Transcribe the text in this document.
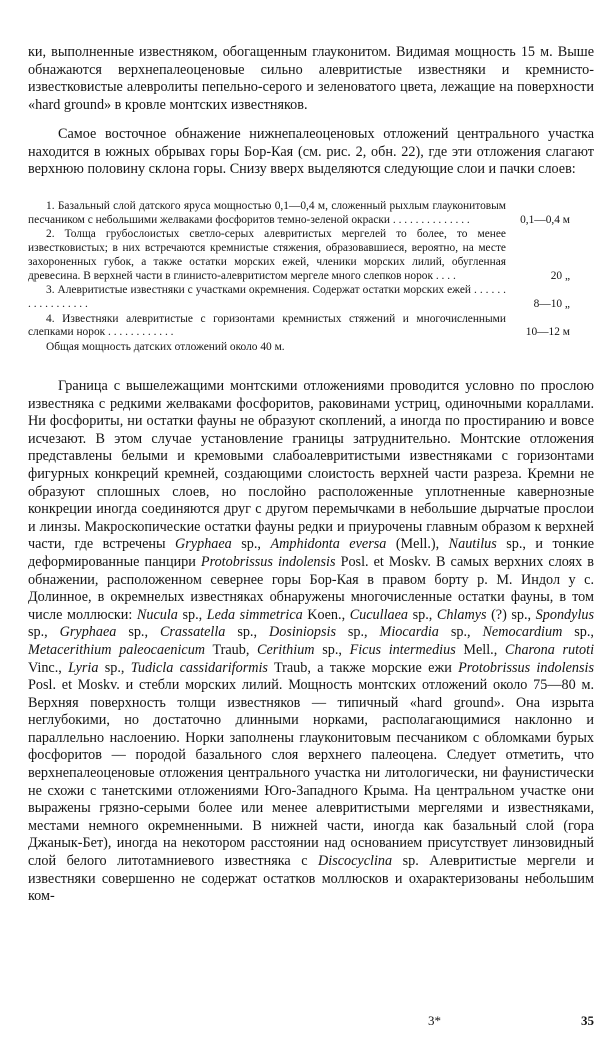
ки, выполненные известняком, обогащенным глауконитом. Видимая мощность 15 м. Выше обнажаются верхнепалеоценовые сильно алевритистые известняки и кремнисто-известковистые алевролиты пепельно-серого и зеленоватого цвета, лежащие на поверхности «hard ground» в кровле монтских известняков.

Самое восточное обнажение нижнепалеоценовых отложений центрального участка находится в южных обрывах горы Бор-Кая (см. рис. 2, обн. 22), где эти отложения слагают верхнюю половину склона горы. Снизу вверх выделяются следующие слои и пачки слоев:

1. Базальный слой датского яруса мощностью 0,1—0,4 м, сложенный рыхлым глауконитовым песчаником с небольшими желваками фосфоритов темно-зеленой окраски . . . . . . . . . . . . . .	0,1—0,4 м
2. Толща грубослоистых светло-серых алевритистых мергелей то более, то менее известковистых; в них встречаются кремнистые стяжения, образовавшиеся, вероятно, на месте захороненных губок, а также остатки морских ежей, членики морских лилий, обугленная древесина. В верхней части в глинисто-алевритистом мергеле много слепков норок . . . .	20 „
3. Алевритистые известняки с участками окремнения. Содержат остатки морских ежей . . . . . . . . . . . . . . . . .	8—10 „
4. Известняки алевритистые с горизонтами кремнистых стяжений и многочисленными слепками норок . . . . . . . . . . . .	10—12 м
Общая мощность датских отложений около 40 м.

Граница с вышележащими монтскими отложениями проводится условно по прослою известняка с редкими желваками фосфоритов, раковинами устриц, одиночными кораллами. Ни фосфориты, ни остатки фауны не образуют скоплений, а иногда по простиранию и вовсе исчезают. В этом случае установление границы затруднительно. Монтские отложения представлены белыми и кремовыми слабоалевритистыми известняками с горизонтами фигурных конкреций кремней, создающими слоистость верхней части разреза. Кремни не образуют сплошных слоев, но послойно расположенные уплотненные кавернозные конкреции иногда соединяются друг с другом перемычками в небольшие дырчатые прослои и линзы. Макроскопические остатки фауны редки и приурочены главным образом к верхней части, где встречены Gryphaea sp., Amphidonta eversa (Mell.), Nautilus sp., и тонкие деформированные панцири Protobrissus indolensis Posl. et Moskv. В самых верхних слоях в обнажении, расположенном севернее горы Бор-Кая в правом борту р. М. Индол у с. Долинное, в окремнелых известняках обнаружены многочисленные остатки фауны, в том числе моллюски: Nucula sp., Leda simmetrica Koen., Cucullaea sp., Chlamys (?) sp., Spondylus sp., Gryphaea sp., Crassatella sp., Dosiniopsis sp., Miocardia sp., Nemocardium sp., Metacerithium paleocaenicum Traub, Cerithium sp., Ficus intermedius Mell., Charona rutoti Vinc., Lyria sp., Tudicla cassidariformis Traub, а также морские ежи Protobrissus indolensis Posl. et Moskv. и стебли морских лилий. Мощность монтских отложений около 75—80 м. Верхняя поверхность толщи известняков — типичный «hard ground». Она изрыта неглубокими, но достаточно длинными норками, располагающимися наклонно и параллельно наслоению. Норки заполнены глауконитовым песчаником с обломками бурых фосфоритов — породой базального слоя верхнего палеоцена. Следует отметить, что верхнепалеоценовые отложения центрального участка ни литологически, ни фаунистически не схожи с танетскими отложениями Юго-Западного Крыма. На центральном участке они выражены грязно-серыми более или менее алевритистыми мергелями и известняками, местами немного окремненными. В нижней части, иногда как базальный слой (гора Джанык-Бет), иногда на некотором расстоянии над основанием присутствует линзовидный слой белого литотамниевого известняка с Discocyclina sp. Алевритистые мергели и известняки совершенно не содержат остатков моллюсков и охарактеризованы небольшим ком-

3*	35
